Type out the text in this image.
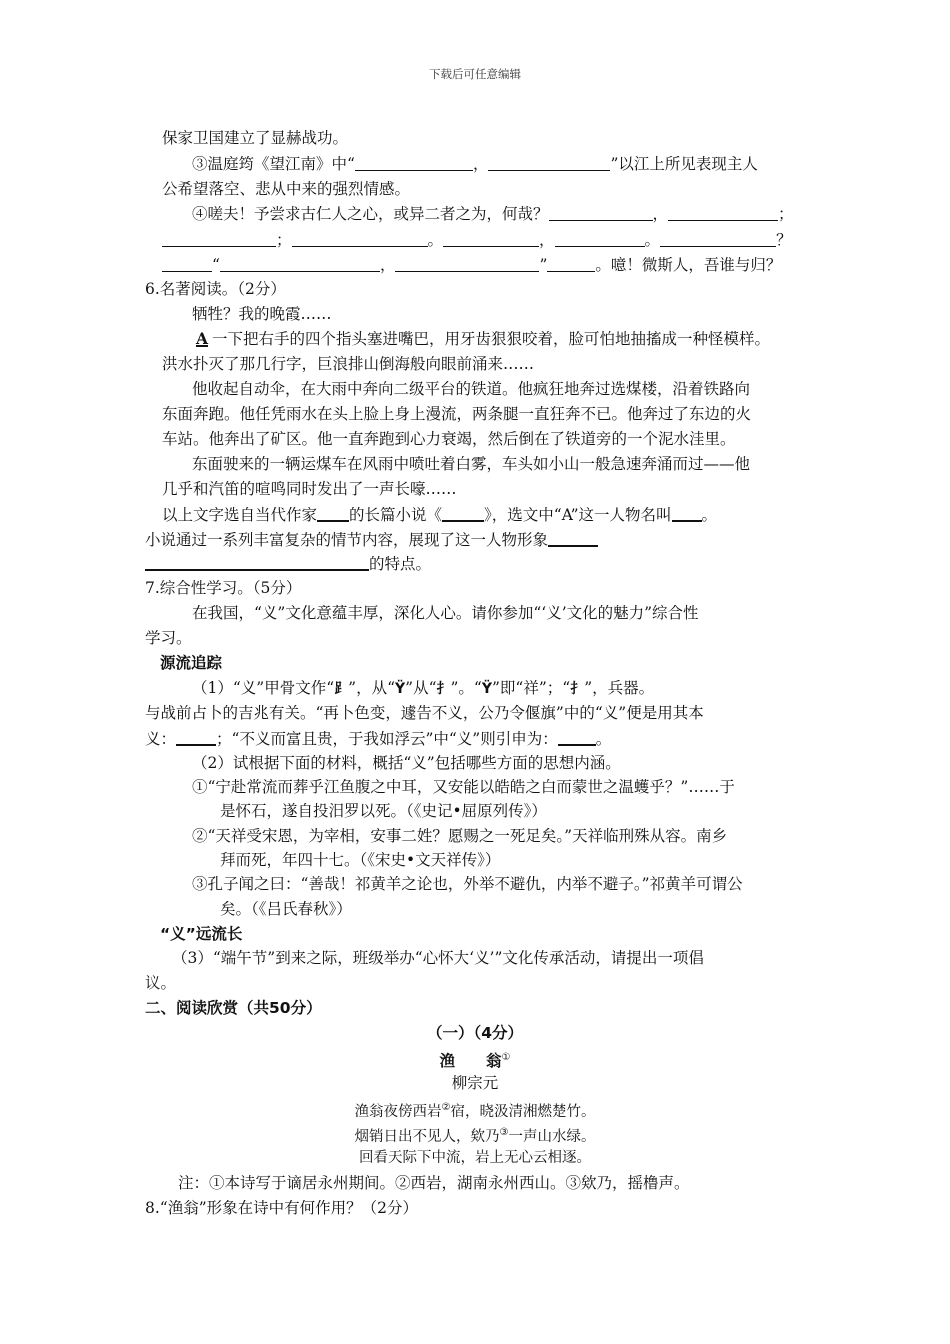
下载后可任意编辑
保家卫国建立了显赫战功。
③温庭筠《望江南》中“	，	”以江上所见表现主人
公希望落空、悲从中来的强烈情感。
④嗟夫！予尝求古仁人之心，或异二者之为，何哉？	，	；
；	。	，	。	？
“	，	”	。噫！微斯人，吾谁与归？
6.名著阅读。（2分）
牺牲？我的晚霞……
A 一下把右手的四个指头塞进嘴巴，用牙齿狠狠咬着，脸可怕地抽搐成一种怪模样。
洪水扑灭了那几行字，巨浪排山倒海般向眼前涌来……
他收起自动伞，在大雨中奔向二级平台的铁道。他疯狂地奔过选煤楼，沿着铁路向
东面奔跑。他任凭雨水在头上脸上身上漫流，两条腿一直狂奔不已。他奔过了东边的火
车站。他奔出了矿区。他一直奔跑到心力衰竭，然后倒在了铁道旁的一个泥水洼里。
东面驶来的一辆运煤车在风雨中喷吐着白雾，车头如小山一般急速奔涌而过——他
几乎和汽笛的喧鸣同时发出了一声长嚎……
以上文字选自当代作家 的长篇小说《	》，选文中“A”这一人物名叫 。
小说通过一系列丰富复杂的情节内容，展现了这一人物形象
的特点。
7.综合性学习。（5分）
在我国，“义”文化意蕴丰厚，深化人心。请你参加“‘义’文化的魅力”综合性
学习。
源流追踪
（1）“义”甲骨文作“⻊”，从“Ÿ”从“扌”。“Ÿ”即“祥”；“扌”，兵器。
与战前占卜的吉兆有关。“再卜色变，遽告不义，公乃令偃旗”中的“义”便是用其本
义：	；“不义而富且贵，于我如浮云”中“义”则引申为： 。
（2）试根据下面的材料，概括“义”包括哪些方面的思想内涵。
①“宁赴常流而葬乎江鱼腹之中耳，又安能以皓皓之白而蒙世之温蠖乎？”……于
是怀石，遂自投汨罗以死。（《史记•屈原列传》）
②“天祥受宋恩，为宰相，安事二姓？愿赐之一死足矣。”天祥临刑殊从容。南乡
拜而死，年四十七。（《宋史•文天祥传》）
③孔子闻之曰：“善哉！祁黄羊之论也，外举不避仇，内举不避子。”祁黄羊可谓公
矣。（《吕氏春秋》）
“义”远流长
（3）“端午节”到来之际，班级举办“心怀大‘义’”文化传承活动，请提出一项倡
议。
二、阅读欣赏（共50分）
（一）（4分）
渔　　翁①
柳宗元
渔翁夜傍西岩②宿，晓汲清湘燃楚竹。
烟销日出不见人，欸乃③一声山水绿。
回看天际下中流，岩上无心云相逐。
注：①本诗写于谪居永州期间。②西岩，湖南永州西山。③欸乃，摇橹声。
8.“渔翁”形象在诗中有何作用？（2分）
